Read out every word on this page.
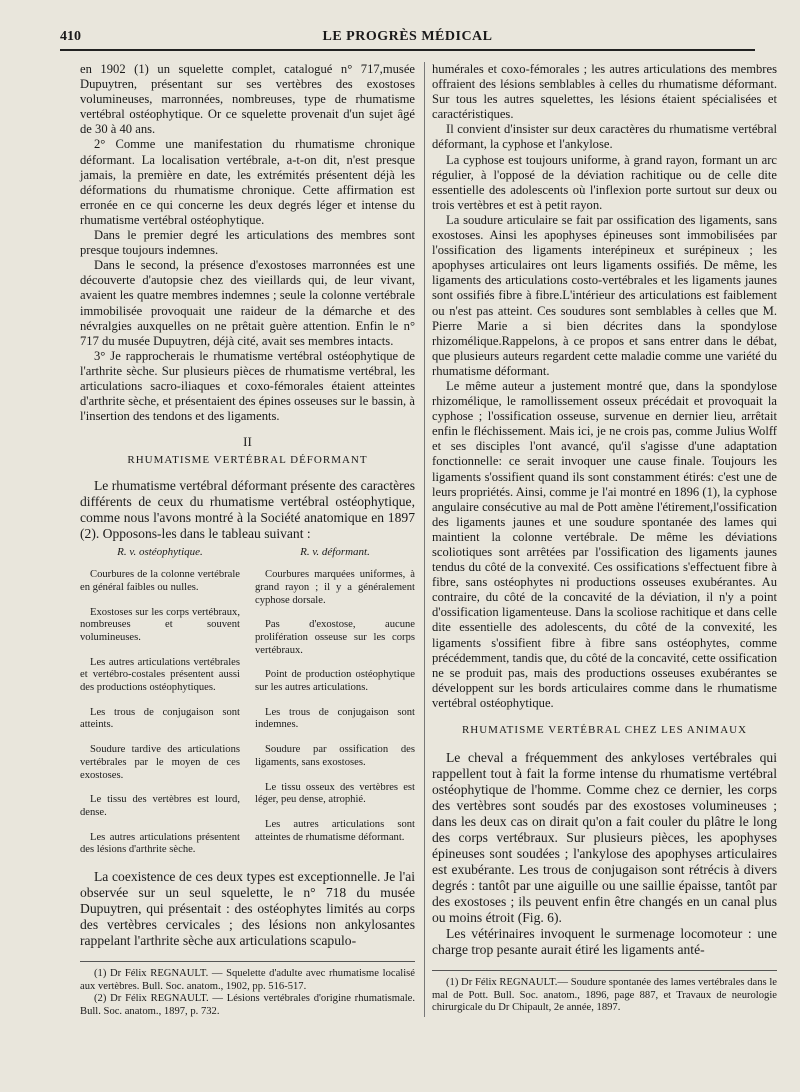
410	LE PROGRÈS MÉDICAL

en 1902 (1) un squelette complet, catalogué n° 717,musée Dupuytren, présentant sur ses vertèbres des exostoses volumineuses, marronnées, nombreuses, type de rhumatisme vertébral ostéophytique. Or ce squelette provenait d'un sujet âgé de 30 à 40 ans.

2° Comme une manifestation du rhumatisme chronique déformant. La localisation vertébrale, a-t-on dit, n'est presque jamais, la première en date, les extrémités présentent déjà les déformations du rhumatisme chronique. Cette affirmation est erronée en ce qui concerne les deux degrés léger et intense du rhumatisme vertébral ostéophytique.

Dans le premier degré les articulations des membres sont presque toujours indemnes.

Dans le second, la présence d'exostoses marronnées est une découverte d'autopsie chez des vieillards qui, de leur vivant, avaient les quatre membres indemnes ; seule la colonne vertébrale immobilisée provoquait une raideur de la démarche et des névralgies auxquelles on ne prêtait guère attention. Enfin le n° 717 du musée Dupuytren, déjà cité, avait ses membres intacts.

3° Je rapprocherais le rhumatisme vertébral ostéophytique de l'arthrite sèche. Sur plusieurs pièces de rhumatisme vertébral, les articulations sacro-iliaques et coxo-fémorales étaient atteintes d'arthrite sèche, et présentaient des épines osseuses sur le bassin, à l'insertion des tendons et des ligaments.

II
RHUMATISME VERTÉBRAL DÉFORMANT

Le rhumatisme vertébral déformant présente des caractères différents de ceux du rhumatisme vertébral ostéophytique, comme nous l'avons montré à la Société anatomique en 1897 (2). Opposons-les dans le tableau suivant :

R. v. ostéophytique.
Courbures de la colonne vertébrale en général faibles ou nulles.
Exostoses sur les corps vertébraux, nombreuses et souvent volumineuses.
Les autres articulations vertébrales et vertébro-costales présentent aussi des productions ostéophytiques.
Les trous de conjugaison sont atteints.
Soudure tardive des articulations vertébrales par le moyen de ces exostoses.
Le tissu des vertèbres est lourd, dense.
Les autres articulations présentent des lésions d'arthrite sèche.
R. v. déformant.
Courbures marquées uniformes, à grand rayon ; il y a généralement cyphose dorsale.
Pas d'exostose, aucune prolifération osseuse sur les corps vertébraux.
Point de production ostéophytique sur les autres articulations.
Les trous de conjugaison sont indemnes.
Soudure par ossification des ligaments, sans exostoses.
Le tissu osseux des vertèbres est léger, peu dense, atrophié.
Les autres articulations sont atteintes de rhumatisme déformant.

La coexistence de ces deux types est exceptionnelle. Je l'ai observée sur un seul squelette, le n° 718 du musée Dupuytren, qui présentait : des ostéophytes limités au corps des vertèbres cervicales ; des lésions non ankylosantes rappelant l'arthrite sèche aux articulations scapulo-

(1) Dr Félix REGNAULT. — Squelette d'adulte avec rhumatisme localisé aux vertèbres. Bull. Soc. anatom., 1902, pp. 516-517.

(2) Dr Félix REGNAULT. — Lésions vertébrales d'origine rhumatismale. Bull. Soc. anatom., 1897, p. 732.

humérales et coxo-fémorales ; les autres articulations des membres offraient des lésions semblables à celles du rhumatisme déformant. Sur tous les autres squelettes, les lésions étaient spécialisées et caractéristiques.

Il convient d'insister sur deux caractères du rhumatisme vertébral déformant, la cyphose et l'ankylose.

La cyphose est toujours uniforme, à grand rayon, formant un arc régulier, à l'opposé de la déviation rachitique ou de celle dite essentielle des adolescents où l'inflexion porte surtout sur deux ou trois vertèbres et est à petit rayon.

La soudure articulaire se fait par ossification des ligaments, sans exostoses. Ainsi les apophyses épineuses sont immobilisées par l'ossification des ligaments interépineux et surépineux ; les apophyses articulaires ont leurs ligaments ossifiés. De même, les ligaments des articulations costo-vertébrales et les ligaments jaunes sont ossifiés fibre à fibre.L'intérieur des articulations est faiblement ou n'est pas atteint. Ces soudures sont semblables à celles que M. Pierre Marie a si bien décrites dans la spondylose rhizomélique.Rappelons, à ce propos et sans entrer dans le débat, que plusieurs auteurs regardent cette maladie comme une variété du rhumatisme déformant.

Le même auteur a justement montré que, dans la spondylose rhizomélique, le ramollissement osseux précédait et provoquait la cyphose ; l'ossification osseuse, survenue en dernier lieu, arrêtait enfin le fléchissement. Mais ici, je ne crois pas, comme Julius Wolff et ses disciples l'ont avancé, qu'il s'agisse d'une adaptation fonctionnelle: ce serait invoquer une cause finale. Toujours les ligaments s'ossifient quand ils sont constamment étirés: c'est une de leurs propriétés. Ainsi, comme je l'ai montré en 1896 (1), la cyphose angulaire consécutive au mal de Pott amène l'étirement,l'ossification des ligaments jaunes et une soudure spontanée des lames qui maintient la colonne vertébrale. De même les déviations scoliotiques sont arrêtées par l'ossification des ligaments jaunes tendus du côté de la convexité. Ces ossifications s'effectuent fibre à fibre, sans ostéophytes ni productions osseuses exubérantes. Au contraire, du côté de la concavité de la déviation, il n'y a point d'ossification ligamenteuse. Dans la scoliose rachitique et dans celle dite essentielle des adolescents, du côté de la convexité, les ligaments s'ossifient fibre à fibre sans ostéophytes, comme précédemment, tandis que, du côté de la concavité, cette ossification ne se produit pas, mais des productions osseuses exubérantes se développent sur les bords articulaires comme dans le rhumatisme vertébral ostéophytique.

RHUMATISME VERTÉBRAL CHEZ LES ANIMAUX

Le cheval a fréquemment des ankyloses vertébrales qui rappellent tout à fait la forme intense du rhumatisme vertébral ostéophytique de l'homme. Comme chez ce dernier, les corps des vertèbres sont soudés par des exostoses volumineuses ; dans les deux cas on dirait qu'on a fait couler du plâtre le long des corps vertébraux. Sur plusieurs pièces, les apophyses épineuses sont soudées ; l'ankylose des apophyses articulaires est exubérante. Les trous de conjugaison sont rétrécis à divers degrés : tantôt par une aiguille ou une saillie épaisse, tantôt par des exostoses ; ils peuvent enfin être changés en un canal plus ou moins étroit (Fig. 6).

Les vétérinaires invoquent le surmenage locomoteur : une charge trop pesante aurait étiré les ligaments anté-

(1) Dr Félix REGNAULT.— Soudure spontanée des lames vertébrales dans le mal de Pott. Bull. Soc. anatom., 1896, page 887, et Travaux de neurologie chirurgicale du Dr Chipault, 2e année, 1897.
